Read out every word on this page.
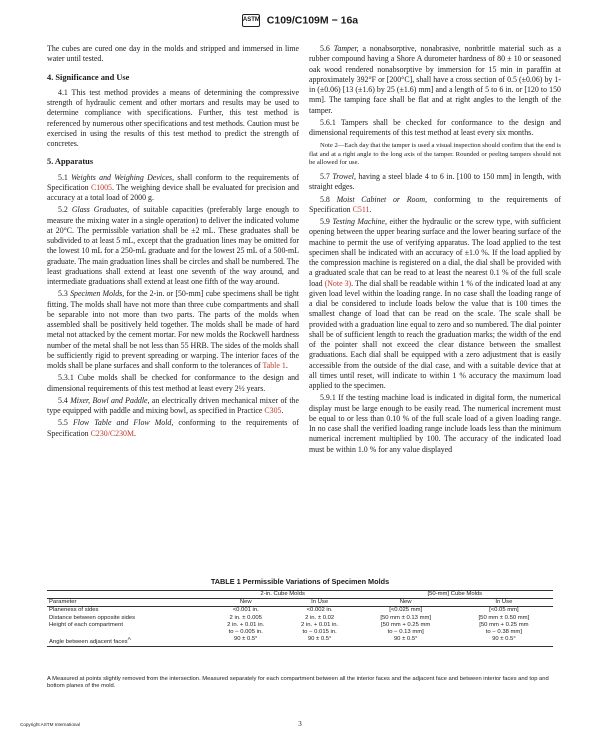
ASTM C109/C109M − 16a

The cubes are cured one day in the molds and stripped and immersed in lime water until tested.

4. Significance and Use

4.1 This test method provides a means of determining the compressive strength of hydraulic cement and other mortars and results may be used to determine compliance with specifications. Further, this test method is referenced by numerous other specifications and test methods. Caution must be exercised in using the results of this test method to predict the strength of concretes.

5. Apparatus

5.1 Weights and Weighing Devices, shall conform to the requirements of Specification C1005. The weighing device shall be evaluated for precision and accuracy at a total load of 2000 g.

5.2 Glass Graduates, of suitable capacities (preferably large enough to measure the mixing water in a single operation) to deliver the indicated volume at 20°C. The permissible variation shall be ±2 mL. These graduates shall be subdivided to at least 5 mL, except that the graduation lines may be omitted for the lowest 10 mL for a 250-mL graduate and for the lowest 25 mL of a 500-mL graduate. The main graduation lines shall be circles and shall be numbered. The least graduations shall extend at least one seventh of the way around, and intermediate graduations shall extend at least one fifth of the way around.

5.3 Specimen Molds, for the 2-in. or [50-mm] cube specimens shall be tight fitting. The molds shall have not more than three cube compartments and shall be separable into not more than two parts. The parts of the molds when assembled shall be positively held together. The molds shall be made of hard metal not attacked by the cement mortar. For new molds the Rockwell hardness number of the metal shall be not less than 55 HRB. The sides of the molds shall be sufficiently rigid to prevent spreading or warping. The interior faces of the molds shall be plane surfaces and shall conform to the tolerances of Table 1.

5.3.1 Cube molds shall be checked for conformance to the design and dimensional requirements of this test method at least every 2½ years.

5.4 Mixer, Bowl and Paddle, an electrically driven mechanical mixer of the type equipped with paddle and mixing bowl, as specified in Practice C305.

5.5 Flow Table and Flow Mold, conforming to the requirements of Specification C230/C230M.

5.6 Tamper, a nonabsorptive, nonabrasive, nonbrittle material such as a rubber compound having a Shore A durometer hardness of 80 ± 10 or seasoned oak wood rendered nonabsorptive by immersion for 15 min in paraffin at approximately 392°F or [200°C], shall have a cross section of 0.5 (±0.06) by 1-in (±0.06) [13 (±1.6) by 25 (±1.6) mm] and a length of 5 to 6 in. or [120 to 150 mm]. The tamping face shall be flat and at right angles to the length of the tamper.

5.6.1 Tampers shall be checked for conformance to the design and dimensional requirements of this test method at least every six months.

Note 2—Each day that the tamper is used a visual inspection should confirm that the end is flat and at a right angle to the long axis of the tamper. Rounded or peeling tampers should not be allowed for use.

5.7 Trowel, having a steel blade 4 to 6 in. [100 to 150 mm] in length, with straight edges.

5.8 Moist Cabinet or Room, conforming to the requirements of Specification C511.

5.9 Testing Machine, either the hydraulic or the screw type, with sufficient opening between the upper bearing surface and the lower bearing surface of the machine to permit the use of verifying apparatus. The load applied to the test specimen shall be indicated with an accuracy of ±1.0 %. If the load applied by the compression machine is registered on a dial, the dial shall be provided with a graduated scale that can be read to at least the nearest 0.1 % of the full scale load (Note 3). The dial shall be readable within 1 % of the indicated load at any given load level within the loading range. In no case shall the loading range of a dial be considered to include loads below the value that is 100 times the smallest change of load that can be read on the scale. The scale shall be provided with a graduation line equal to zero and so numbered. The dial pointer shall be of sufficient length to reach the graduation marks; the width of the end of the pointer shall not exceed the clear distance between the smallest graduations. Each dial shall be equipped with a zero adjustment that is easily accessible from the outside of the dial case, and with a suitable device that at all times until reset, will indicate to within 1 % accuracy the maximum load applied to the specimen.

5.9.1 If the testing machine load is indicated in digital form, the numerical display must be large enough to be easily read. The numerical increment must be equal to or less than 0.10 % of the full scale load of a given loading range. In no case shall the verified loading range include loads less than the minimum numerical increment multiplied by 100. The accuracy of the indicated load must be within 1.0 % for any value displayed

TABLE 1 Permissible Variations of Specimen Molds
	2-in. Cube Molds		[50-mm] Cube Molds	
Parameter	New	In Use	New	In Use
Planeness of sides	<0.001 in.	<0.002 in.	[<0.025 mm]	[<0.05 mm]
Distance between opposite sides	2 in. ± 0.005	2 in. ± 0.02	[50 mm ± 0.13 mm]	[50 mm ± 0.50 mm]
Height of each compartment	2 in. + 0.01 in.
to − 0.005 in.	2 in. + 0.01 in.
to − 0.015 in.	[50 mm + 0.25 mm
to − 0.13 mm]	[50 mm + 0.25 mm
to − 0.38 mm]
Angle between adjacent faces$^A$	90 ± 0.5°	90 ± 0.5°	90 ± 0.5°	90 ± 0.5°
A Measured at points slightly removed from the intersection. Measured separately for each compartment between all the interior faces and the adjacent face and between interior faces and top and bottom planes of the mold.
Copyright ASTM International	3
